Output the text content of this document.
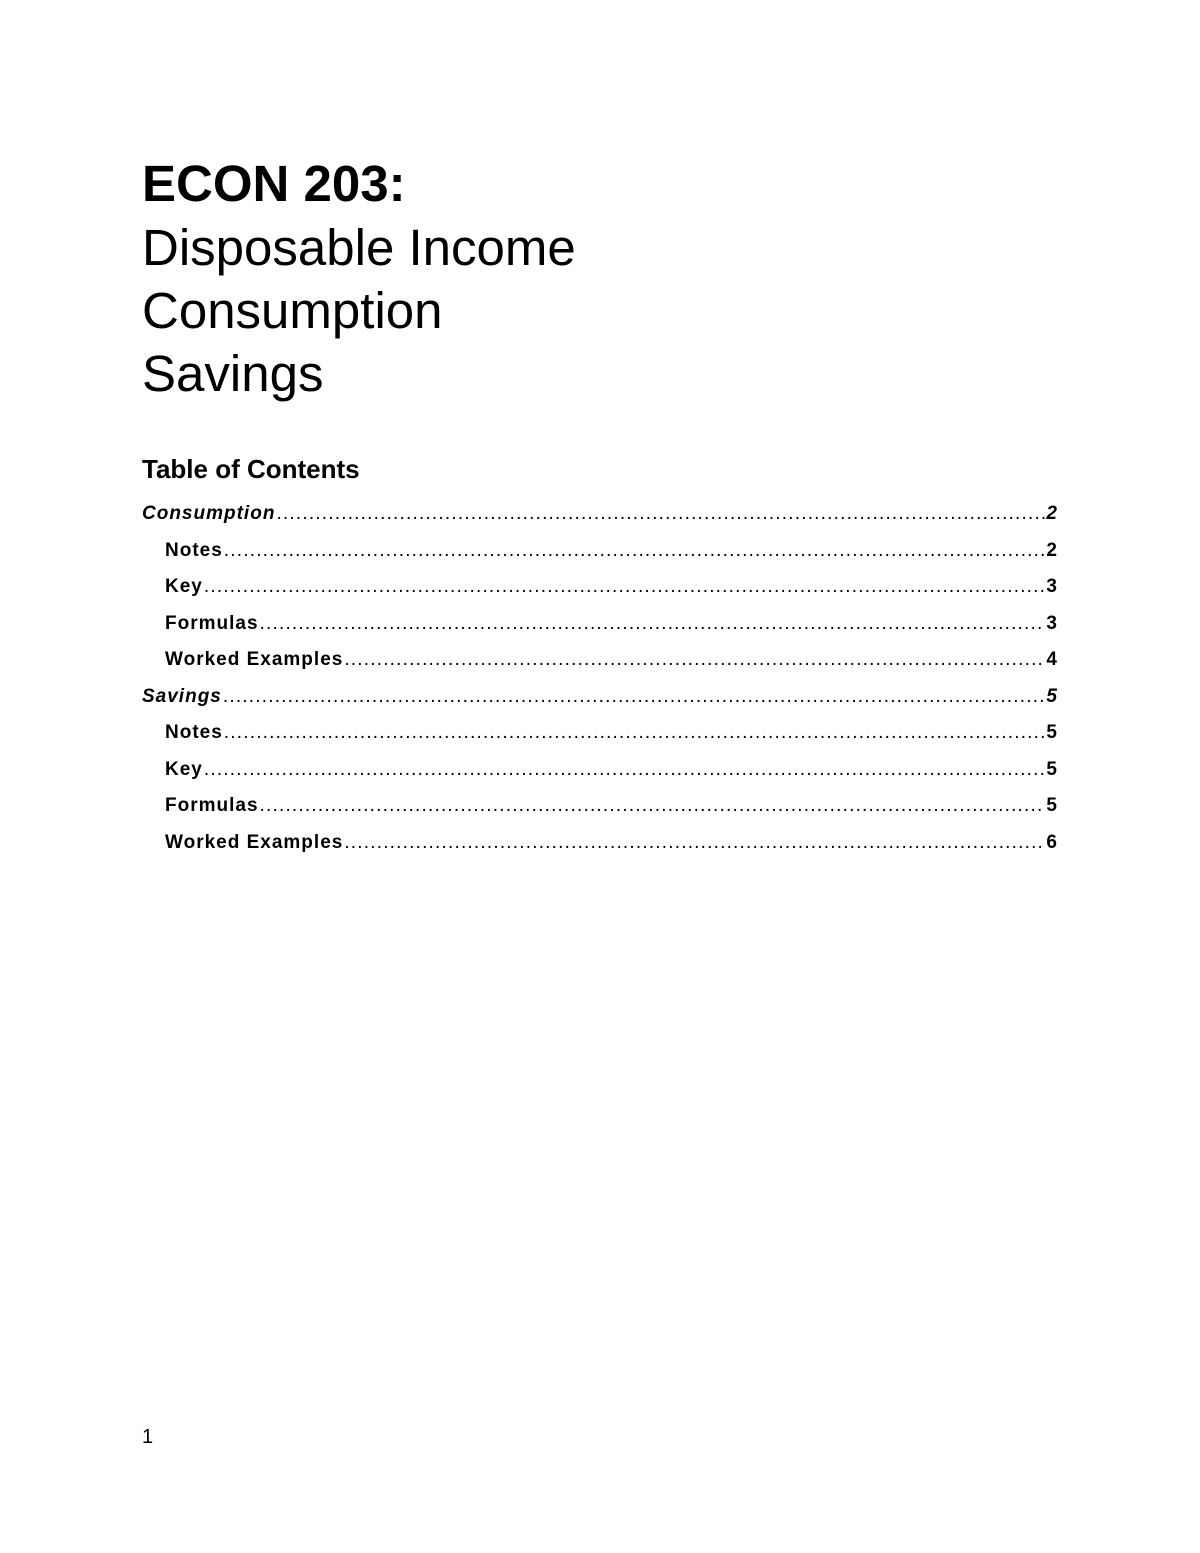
ECON 203:
Disposable Income
Consumption
Savings
Table of Contents
Consumption .....	2
Notes .....	2
Key .....	3
Formulas .....	3
Worked Examples .....	4
Savings .....	5
Notes .....	5
Key .....	5
Formulas .....	5
Worked Examples .....	6
1
